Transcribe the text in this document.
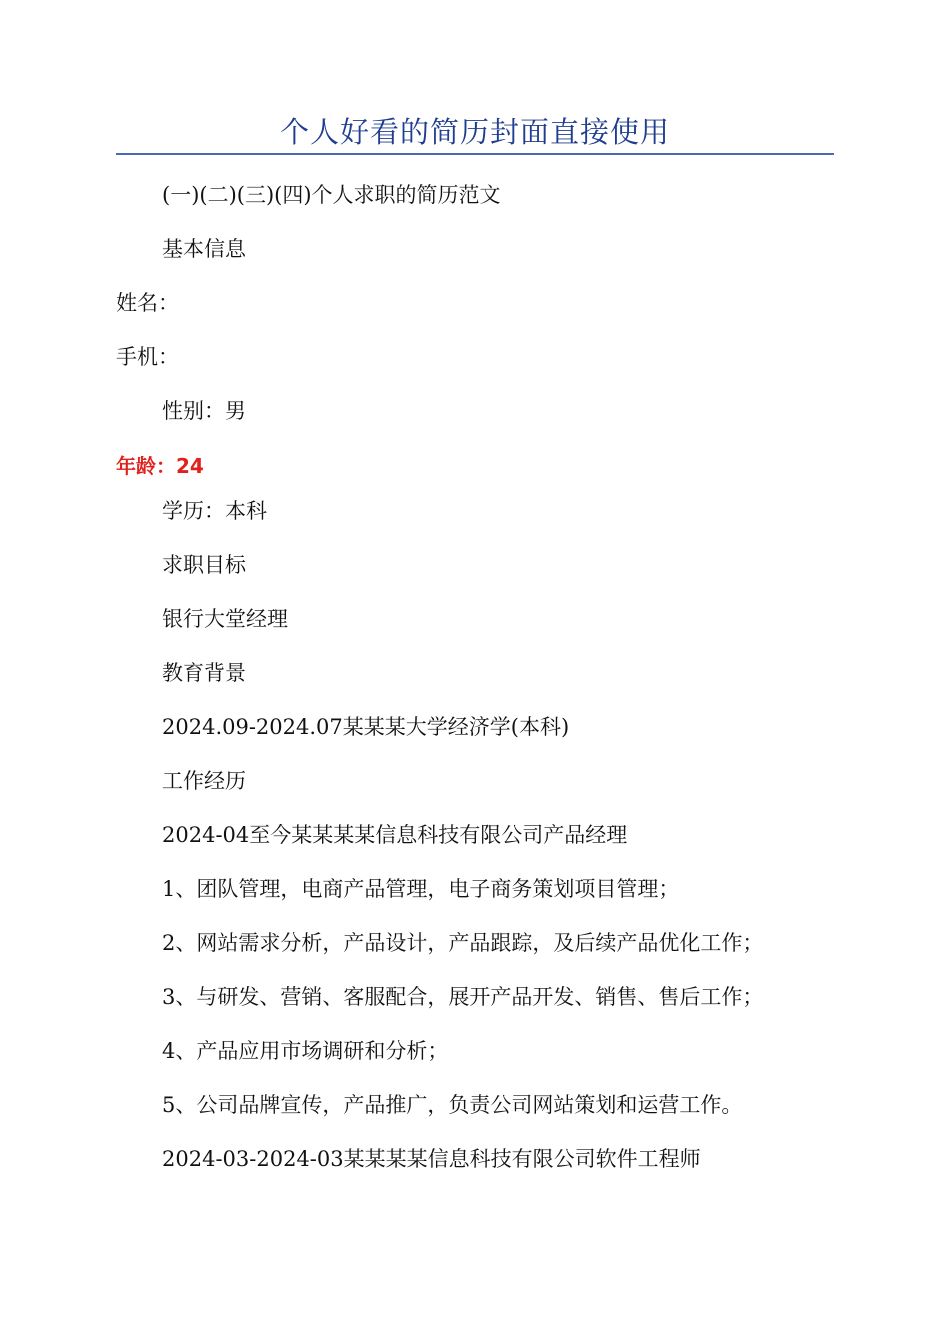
个人好看的简历封面直接使用
(一)(二)(三)(四)个人求职的简历范文
基本信息
姓名：
手机：
性别：男
年龄：24
学历：本科
求职目标
银行大堂经理
教育背景
2024.09-2024.07某某某大学经济学(本科)
工作经历
2024-04至今某某某某信息科技有限公司产品经理
1、团队管理，电商产品管理，电子商务策划项目管理；
2、网站需求分析，产品设计，产品跟踪，及后续产品优化工作；
3、与研发、营销、客服配合，展开产品开发、销售、售后工作；
4、产品应用市场调研和分析；
5、公司品牌宣传，产品推广，负责公司网站策划和运营工作。
2024-03-2024-03某某某某信息科技有限公司软件工程师
